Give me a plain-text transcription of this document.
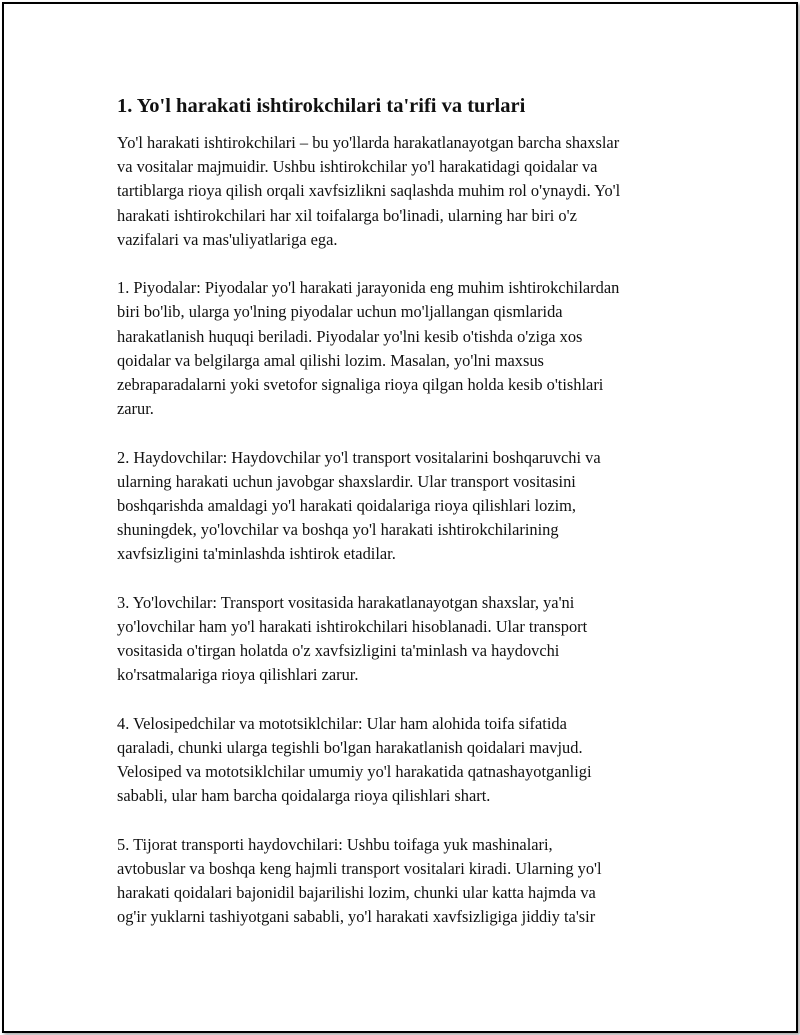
1. Yo'l harakati ishtirokchilari ta'rifi va turlari
Yo'l harakati ishtirokchilari – bu yo'llarda harakatlanayotgan barcha shaxslar
va vositalar majmuidir. Ushbu ishtirokchilar yo'l harakatidagi qoidalar va
tartiblarga rioya qilish orqali xavfsizlikni saqlashda muhim rol o'ynaydi. Yo'l
harakati ishtirokchilari har xil toifalarga bo'linadi, ularning har biri o'z
vazifalari va mas'uliyatlariga ega.
1. Piyodalar: Piyodalar yo'l harakati jarayonida eng muhim ishtirokchilardan
biri bo'lib, ularga yo'lning piyodalar uchun mo'ljallangan qismlarida
harakatlanish huquqi beriladi. Piyodalar yo'lni kesib o'tishda o'ziga xos
qoidalar va belgilarga amal qilishi lozim. Masalan, yo'lni maxsus
zebraparadalarni yoki svetofor signaliga rioya qilgan holda kesib o'tishlari
zarur.
2. Haydovchilar: Haydovchilar yo'l transport vositalarini boshqaruvchi va
ularning harakati uchun javobgar shaxslardir. Ular transport vositasini
boshqarishda amaldagi yo'l harakati qoidalariga rioya qilishlari lozim,
shuningdek, yo'lovchilar va boshqa yo'l harakati ishtirokchilarining
xavfsizligini ta'minlashda ishtirok etadilar.
3. Yo'lovchilar: Transport vositasida harakatlanayotgan shaxslar, ya'ni
yo'lovchilar ham yo'l harakati ishtirokchilari hisoblanadi. Ular transport
vositasida o'tirgan holatda o'z xavfsizligini ta'minlash va haydovchi
ko'rsatmalariga rioya qilishlari zarur.
4. Velosipedchilar va mototsiklchilar: Ular ham alohida toifa sifatida
qaraladi, chunki ularga tegishli bo'lgan harakatlanish qoidalari mavjud.
Velosiped va mototsiklchilar umumiy yo'l harakatida qatnashayotganligi
sababli, ular ham barcha qoidalarga rioya qilishlari shart.
5. Tijorat transporti haydovchilari: Ushbu toifaga yuk mashinalari,
avtobuslar va boshqa keng hajmli transport vositalari kiradi. Ularning yo'l
harakati qoidalari bajonidil bajarilishi lozim, chunki ular katta hajmda va
og'ir yuklarni tashiyotgani sababli, yo'l harakati xavfsizligiga jiddiy ta'sir
